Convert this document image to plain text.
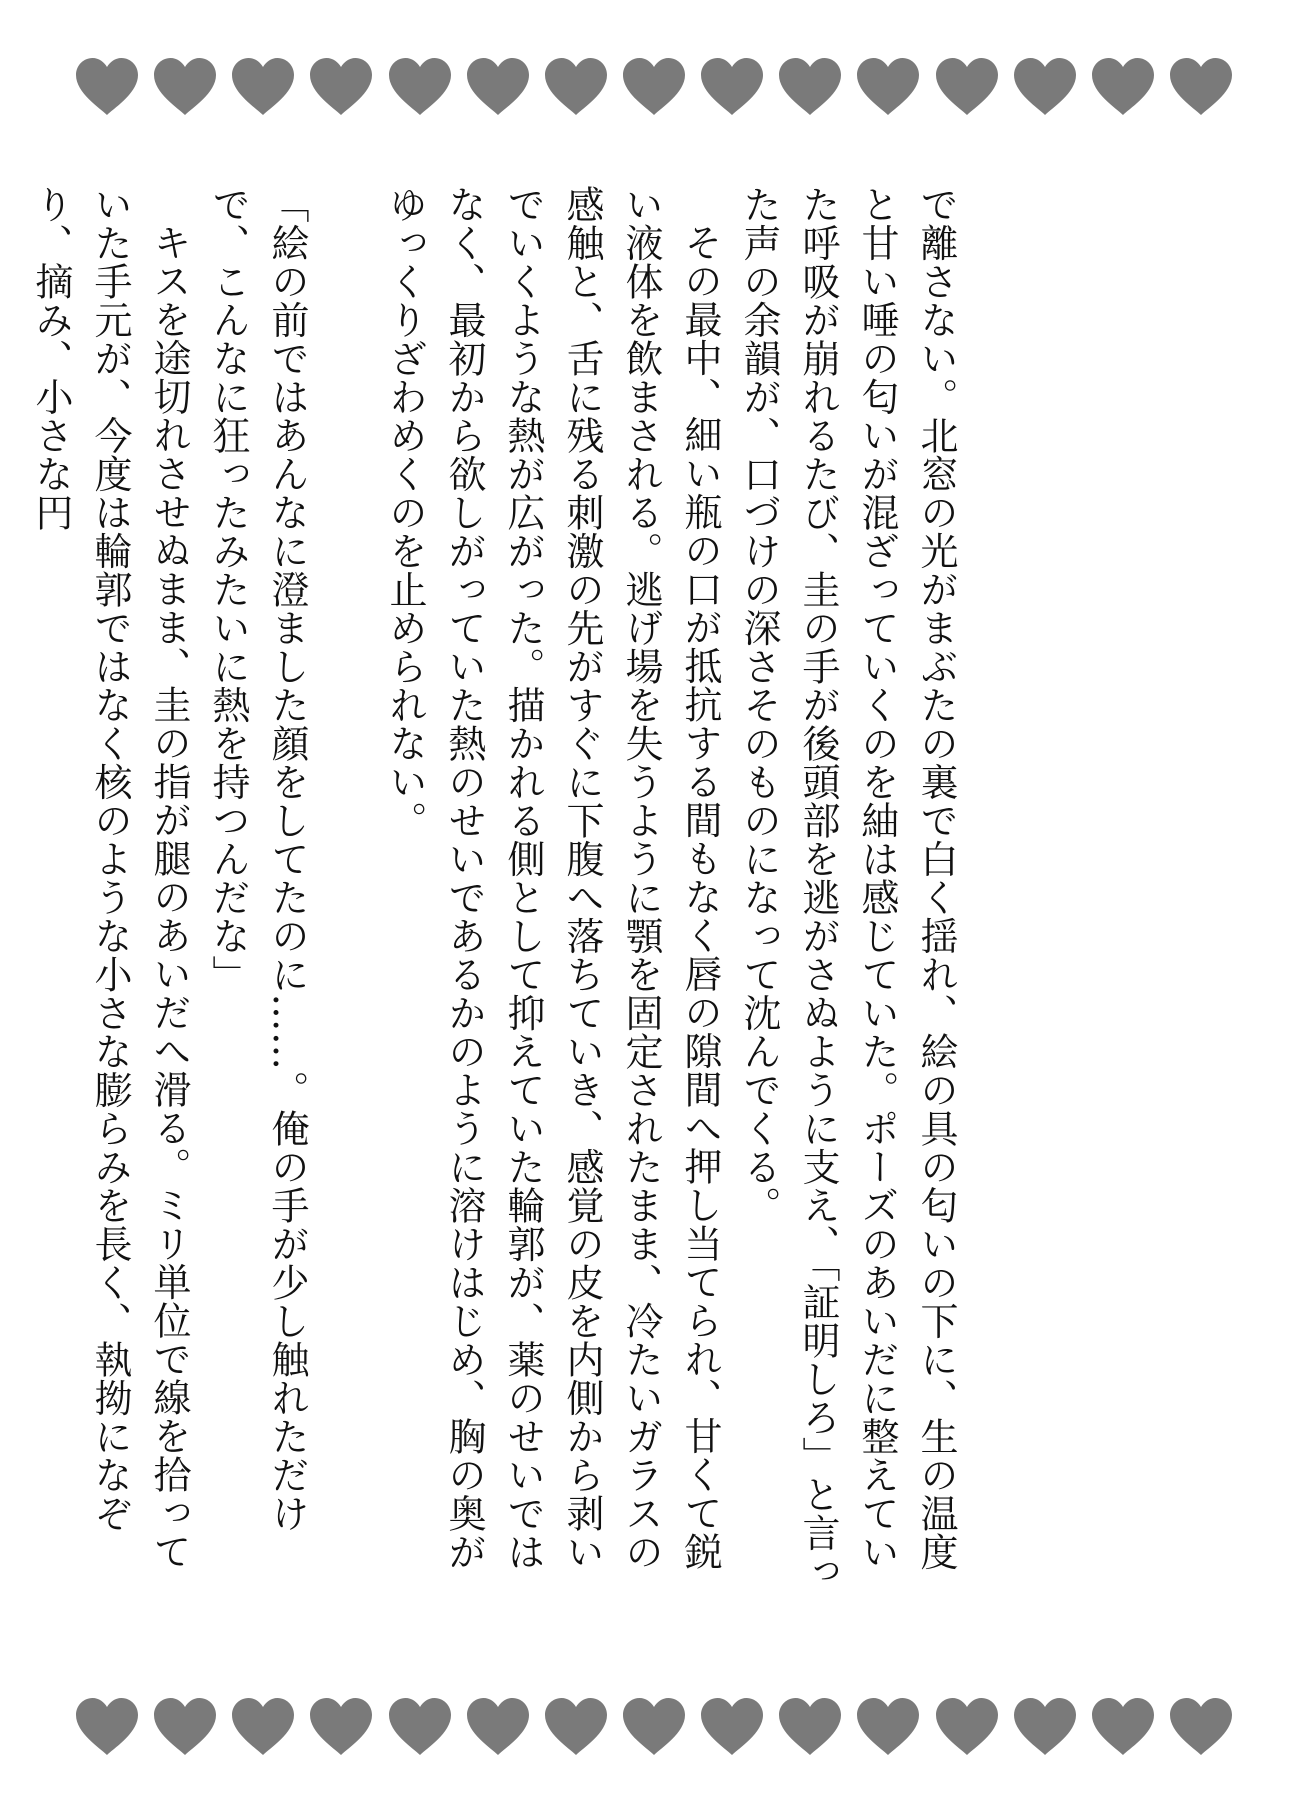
で離さない。北窓の光がまぶたの裏で白く揺れ、絵の具の匂いの下に、生の温度と甘い唾の匂いが混ざっていくのを紬は感じていた。ポーズのあいだに整えていた呼吸が崩れるたび、圭の手が後頭部を逃がさぬように支え、「証明しろ」と言った声の余韻が、口づけの深さそのものになって沈んでくる。

その最中、細い瓶の口が抵抗する間もなく唇の隙間へ押し当てられ、甘くて鋭い液体を飲まされる。逃げ場を失うように顎を固定されたまま、冷たいガラスの感触と、舌に残る刺激の先がすぐに下腹へ落ちていき、感覚の皮を内側から剥いでいくような熱が広がった。描かれる側として抑えていた輪郭が、薬のせいではなく、最初から欲しがっていた熱のせいであるかのように溶けはじめ、胸の奥がゆっくりざわめくのを止められない。

「絵の前ではあんなに澄ました顔をしてたのに……。俺の手が少し触れただけで、こんなに狂ったみたいに熱を持つんだな」

キスを途切れさせぬまま、圭の指が腿のあいだへ滑る。ミリ単位で線を拾っていた手元が、今度は輪郭ではなく核のような小さな膨らみを長く、執拗になぞり、摘み、小さな円
